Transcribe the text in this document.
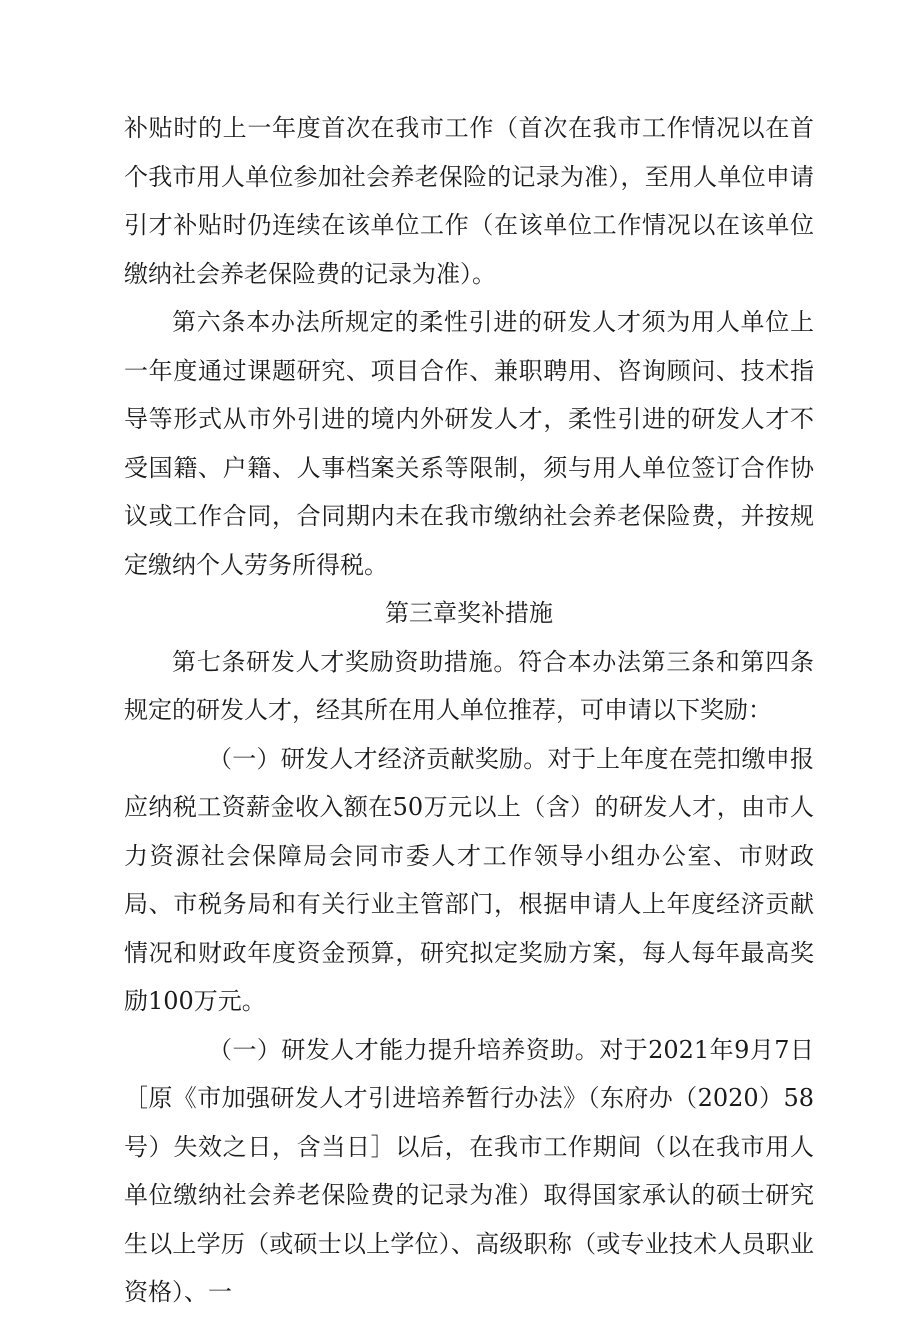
补贴时的上一年度首次在我市工作（首次在我市工作情况以在首个我市用人单位参加社会养老保险的记录为准），至用人单位申请引才补贴时仍连续在该单位工作（在该单位工作情况以在该单位缴纳社会养老保险费的记录为准）。

第六条本办法所规定的柔性引进的研发人才须为用人单位上一年度通过课题研究、项目合作、兼职聘用、咨询顾问、技术指导等形式从市外引进的境内外研发人才，柔性引进的研发人才不受国籍、户籍、人事档案关系等限制，须与用人单位签订合作协议或工作合同，合同期内未在我市缴纳社会养老保险费，并按规定缴纳个人劳务所得税。

第三章奖补措施

第七条研发人才奖励资助措施。符合本办法第三条和第四条规定的研发人才，经其所在用人单位推荐，可申请以下奖励：

（一）研发人才经济贡献奖励。对于上年度在莞扣缴申报应纳税工资薪金收入额在50万元以上（含）的研发人才，由市人力资源社会保障局会同市委人才工作领导小组办公室、市财政局、市税务局和有关行业主管部门，根据申请人上年度经济贡献情况和财政年度资金预算，研究拟定奖励方案，每人每年最高奖励100万元。

（一）研发人才能力提升培养资助。对于2021年9月7日［原《市加强研发人才引进培养暂行办法》（东府办（2020）58号）失效之日，含当日］以后，在我市工作期间（以在我市用人单位缴纳社会养老保险费的记录为准）取得国家承认的硕士研究生以上学历（或硕士以上学位）、高级职称（或专业技术人员职业资格）、一
